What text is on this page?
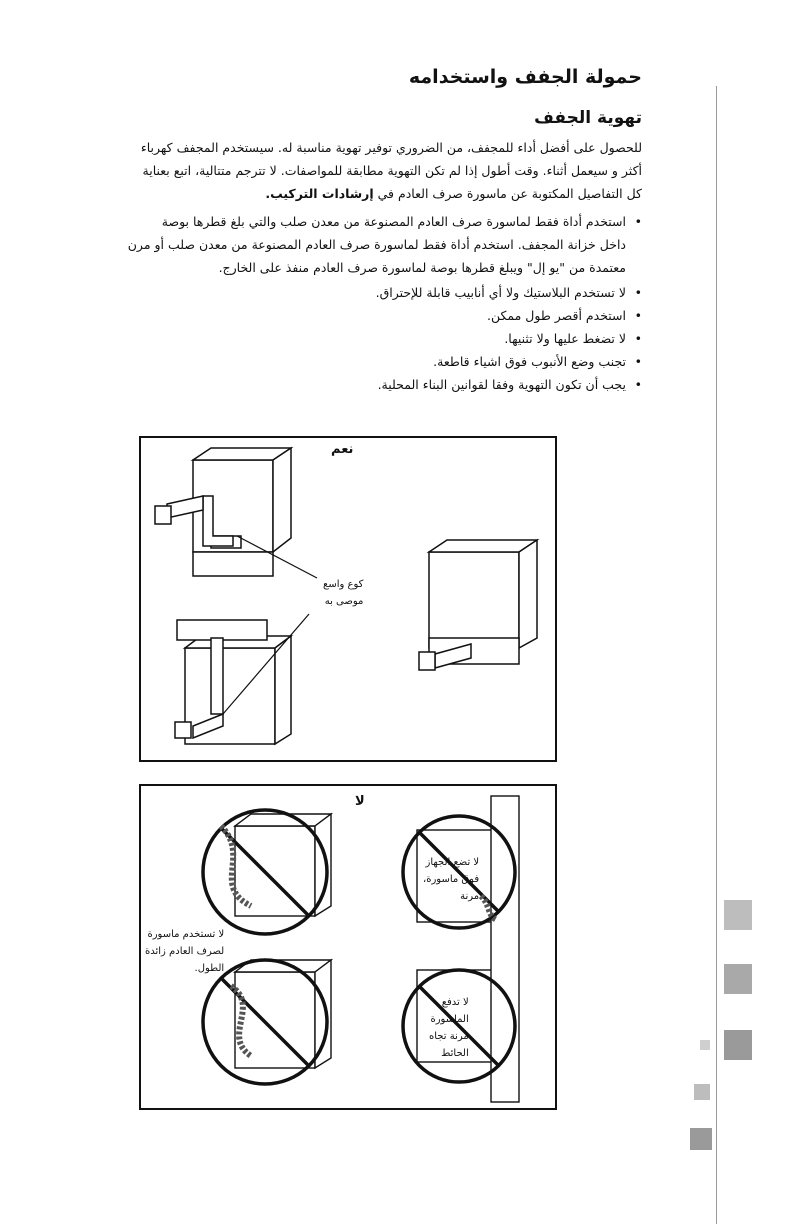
حمولة الجفف واستخدامه
تهوية الجفف

للحصول على أفضل أداء للمجفف، من الضروري توفير تهوية مناسبة له. سيستخدم المجفف كهرباء

أكثر و سيعمل أثناء. وقت أطول إذا لم تكن التهوية مطابقة للمواصفات. لا تترجم متتالية، اتبع بعناية

كل التفاصيل المكتوبة عن ماسورة صرف العادم في إرشادات التركيب.

• استخدم أداة فقط لماسورة صرف العادم المصنوعة من معدن صلب والتي بلغ قطرها بوصة
داخل خزانة المجفف. استخدم أداة فقط لماسورة صرف العادم المصنوعة من معدن صلب أو مرن
معتمدة من "يو إل" ويبلغ قطرها بوصة لماسورة صرف العادم منفذ على الخارج.
• لا تستخدم البلاستيك ولا أي أنابيب قابلة للإحتراق.
• استخدم أقصر طول ممكن.
• لا تضغط عليها ولا تثنيها.
• تجنب وضع الأنبوب فوق اشياء قاطعة.
• يجب أن تكون التهوية وفقا لقوانين البناء المحلية.
نعم
كوع واسع
موصى به
لا
لا تستخدم ماسورة
لصرف العادم زائدة
الطول.
لا تضع الجهاز
فوق ماسورة،
مرنة
لا تدفع
الماسورة
مرنة تجاه
الحائط
